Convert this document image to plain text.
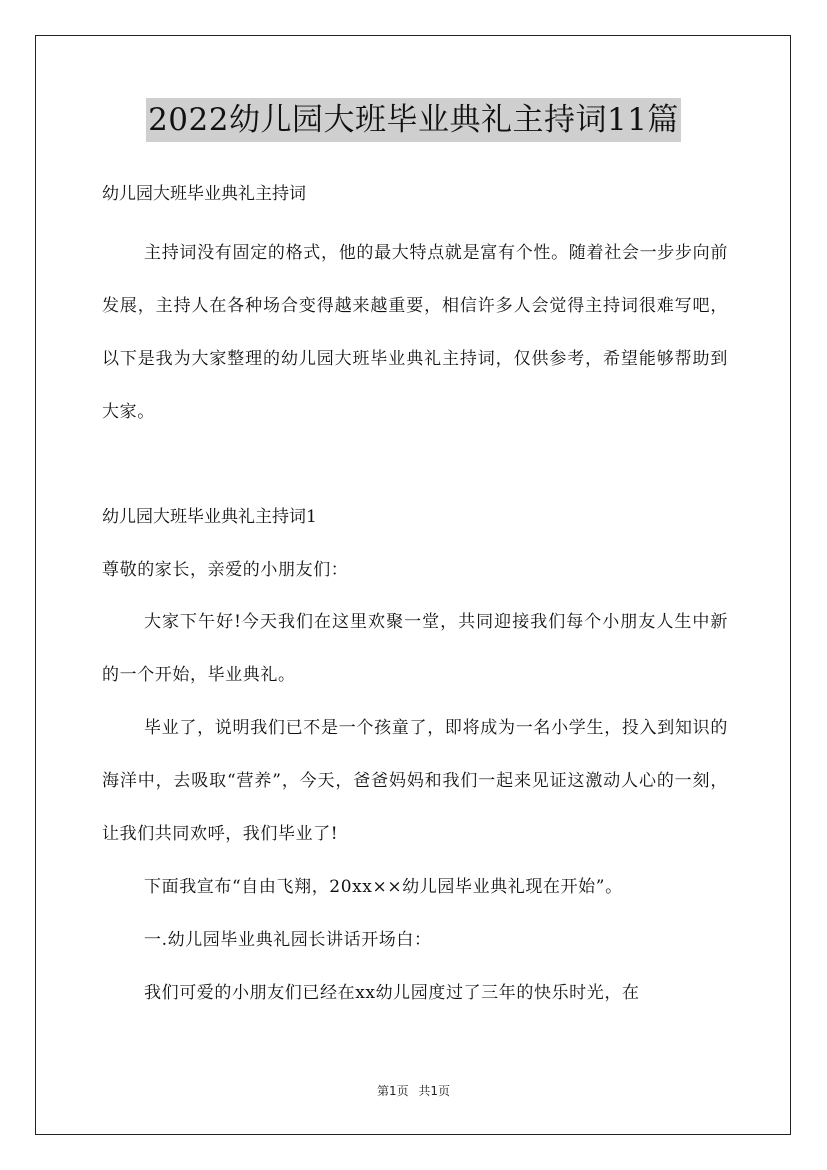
2022幼儿园大班毕业典礼主持词11篇
幼儿园大班毕业典礼主持词

主持词没有固定的格式，他的最大特点就是富有个性。随着社会一步步向前发展，主持人在各种场合变得越来越重要，相信许多人会觉得主持词很难写吧，以下是我为大家整理的幼儿园大班毕业典礼主持词，仅供参考，希望能够帮助到大家。

幼儿园大班毕业典礼主持词1

尊敬的家长，亲爱的小朋友们：

大家下午好!今天我们在这里欢聚一堂，共同迎接我们每个小朋友人生中新的一个开始，毕业典礼。

毕业了，说明我们已不是一个孩童了，即将成为一名小学生，投入到知识的海洋中，去吸取“营养”，今天，爸爸妈妈和我们一起来见证这激动人心的一刻，让我们共同欢呼，我们毕业了!

下面我宣布“自由飞翔，20xx××幼儿园毕业典礼现在开始”。

一.幼儿园毕业典礼园长讲话开场白：

我们可爱的小朋友们已经在xx幼儿园度过了三年的快乐时光，在

第1页 共1页
